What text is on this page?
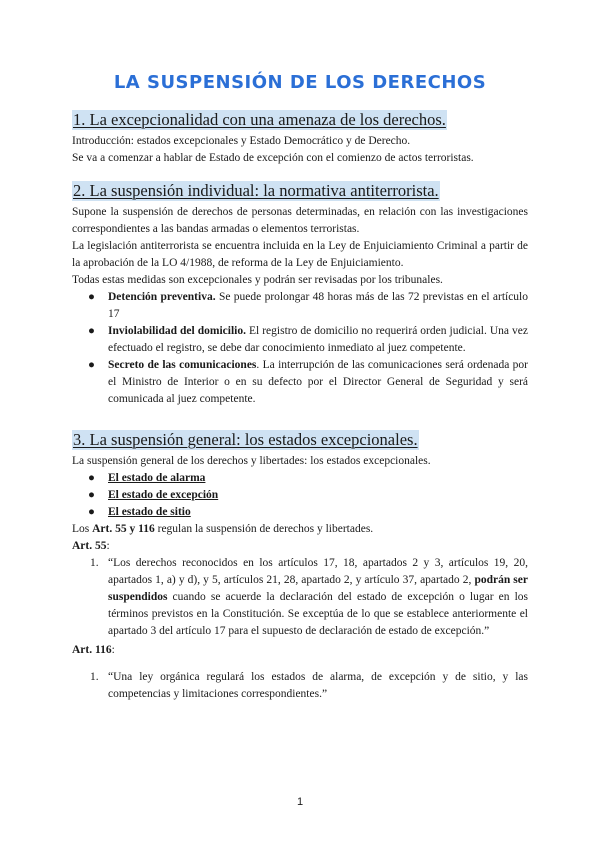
LA SUSPENSIÓN DE LOS DERECHOS
1. La excepcionalidad con una amenaza de los derechos.

Introducción: estados excepcionales y Estado Democrático y de Derecho.

Se va a comenzar a hablar de Estado de excepción con el comienzo de actos terroristas.

2. La suspensión individual: la normativa antiterrorista.

Supone la suspensión de derechos de personas determinadas, en relación con las investigaciones correspondientes a las bandas armadas o elementos terroristas.

La legislación antiterrorista se encuentra incluida en la Ley de Enjuiciamiento Criminal a partir de la aprobación de la LO 4/1988, de reforma de la Ley de Enjuiciamiento.

Todas estas medidas son excepcionales y podrán ser revisadas por los tribunales.

● Detención preventiva. Se puede prolongar 48 horas más de las 72 previstas en el artículo 17
● Inviolabilidad del domicilio. El registro de domicilio no requerirá orden judicial. Una vez efectuado el registro, se debe dar conocimiento inmediato al juez competente.
● Secreto de las comunicaciones. La interrupción de las comunicaciones será ordenada por el Ministro de Interior o en su defecto por el Director General de Seguridad y será comunicada al juez competente.
3. La suspensión general: los estados excepcionales.

La suspensión general de los derechos y libertades: los estados excepcionales.

● El estado de alarma
● El estado de excepción
● El estado de sitio

Los Art. 55 y 116 regulan la suspensión de derechos y libertades.

Art. 55:

1. “Los derechos reconocidos en los artículos 17, 18, apartados 2 y 3, artículos 19, 20, apartados 1, a) y d), y 5, artículos 21, 28, apartado 2, y artículo 37, apartado 2, podrán ser suspendidos cuando se acuerde la declaración del estado de excepción o lugar en los términos previstos en la Constitución. Se exceptúa de lo que se establece anteriormente el apartado 3 del artículo 17 para el supuesto de declaración de estado de excepción.”

Art. 116:

1. “Una ley orgánica regulará los estados de alarma, de excepción y de sitio, y las competencias y limitaciones correspondientes.”
1
